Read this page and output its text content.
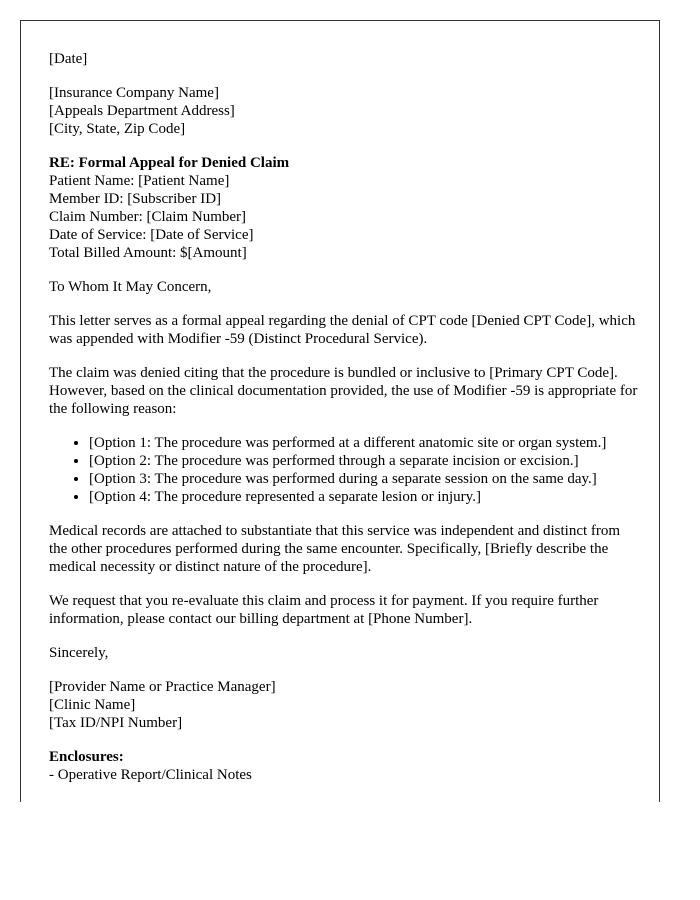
[Date]

[Insurance Company Name]
[Appeals Department Address]
[City, State, Zip Code]

RE: Formal Appeal for Denied Claim
Patient Name: [Patient Name]
Member ID: [Subscriber ID]
Claim Number: [Claim Number]
Date of Service: [Date of Service]
Total Billed Amount: $[Amount]

To Whom It May Concern,

This letter serves as a formal appeal regarding the denial of CPT code [Denied CPT Code], which was appended with Modifier -59 (Distinct Procedural Service).

The claim was denied citing that the procedure is bundled or inclusive to [Primary CPT Code]. However, based on the clinical documentation provided, the use of Modifier -59 is appropriate for the following reason:

• [Option 1: The procedure was performed at a different anatomic site or organ system.]
• [Option 2: The procedure was performed through a separate incision or excision.]
• [Option 3: The procedure was performed during a separate session on the same day.]
• [Option 4: The procedure represented a separate lesion or injury.]

Medical records are attached to substantiate that this service was independent and distinct from the other procedures performed during the same encounter. Specifically, [Briefly describe the medical necessity or distinct nature of the procedure].

We request that you re-evaluate this claim and process it for payment. If you require further information, please contact our billing department at [Phone Number].

Sincerely,

[Provider Name or Practice Manager]
[Clinic Name]
[Tax ID/NPI Number]

Enclosures:
- Operative Report/Clinical Notes
